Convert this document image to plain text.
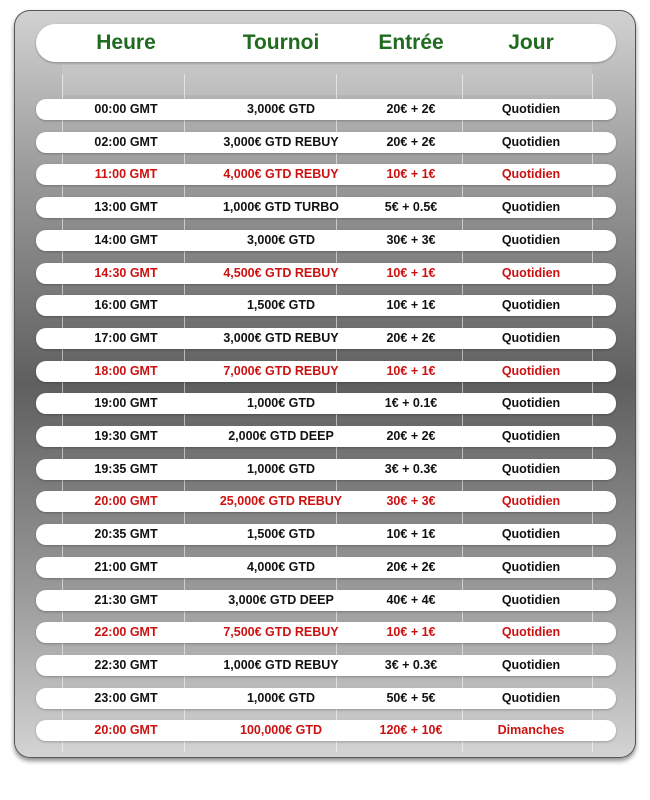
Heure	Tournoi	Entrée	Jour
00:00 GMT	3,000€ GTD	20€ + 2€	Quotidien
02:00 GMT	3,000€ GTD REBUY	20€ + 2€	Quotidien
11:00 GMT	4,000€ GTD REBUY	10€ + 1€	Quotidien
13:00 GMT	1,000€ GTD TURBO	5€ + 0.5€	Quotidien
14:00 GMT	3,000€ GTD	30€ + 3€	Quotidien
14:30 GMT	4,500€ GTD REBUY	10€ + 1€	Quotidien
16:00 GMT	1,500€ GTD	10€ + 1€	Quotidien
17:00 GMT	3,000€ GTD REBUY	20€ + 2€	Quotidien
18:00 GMT	7,000€ GTD REBUY	10€ + 1€	Quotidien
19:00 GMT	1,000€ GTD	1€ + 0.1€	Quotidien
19:30 GMT	2,000€ GTD DEEP	20€ + 2€	Quotidien
19:35 GMT	1,000€ GTD	3€ + 0.3€	Quotidien
20:00 GMT	25,000€ GTD REBUY	30€ + 3€	Quotidien
20:35 GMT	1,500€ GTD	10€ + 1€	Quotidien
21:00 GMT	4,000€ GTD	20€ + 2€	Quotidien
21:30 GMT	3,000€ GTD DEEP	40€ + 4€	Quotidien
22:00 GMT	7,500€ GTD REBUY	10€ + 1€	Quotidien
22:30 GMT	1,000€ GTD REBUY	3€ + 0.3€	Quotidien
23:00 GMT	1,000€ GTD	50€ + 5€	Quotidien
20:00 GMT	100,000€ GTD	120€ + 10€	Dimanches
